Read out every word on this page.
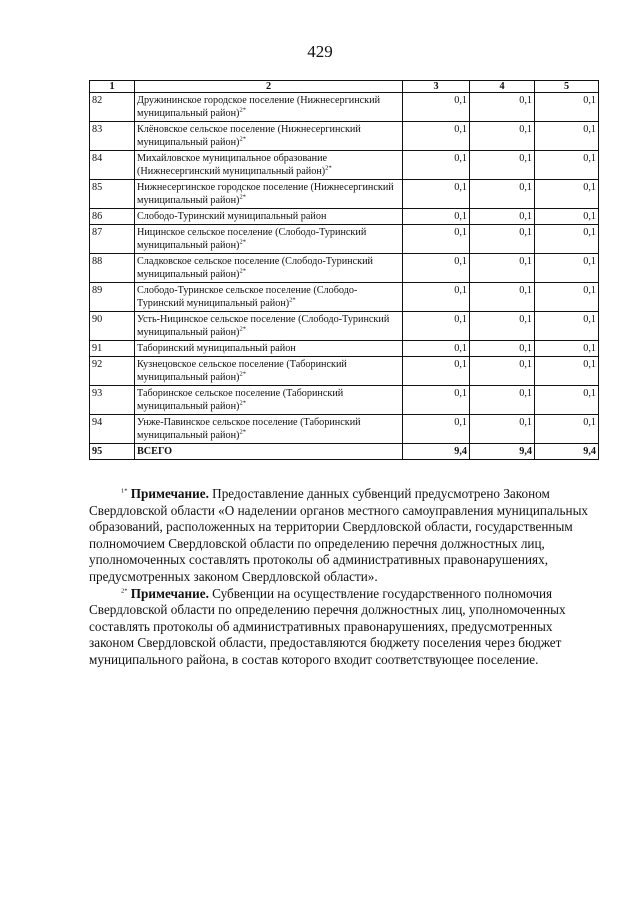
429
1	2	3	4	5
82	Дружининское городское поселение (Нижнесергинский муниципальный район)$^{2*}$	0,1	0,1	0,1
83	Клёновское сельское поселение (Нижнесергинский муниципальный район)$^{2*}$	0,1	0,1	0,1
84	Михайловское муниципальное образование (Нижнесергинский муниципальный район)$^{2*}$	0,1	0,1	0,1
85	Нижнесергинское городское поселение (Нижнесергинский муниципальный район)$^{2*}$	0,1	0,1	0,1
86	Слободо-Туринский муниципальный район	0,1	0,1	0,1
87	Ницинское сельское поселение (Слободо-Туринский муниципальный район)$^{2*}$	0,1	0,1	0,1
88	Сладковское сельское поселение (Слободо-Туринский муниципальный район)$^{2*}$	0,1	0,1	0,1
89	Слободо-Туринское сельское поселение (Слободо-Туринский муниципальный район)$^{2*}$	0,1	0,1	0,1
90	Усть-Ницинское сельское поселение (Слободо-Туринский муниципальный район)$^{2*}$	0,1	0,1	0,1
91	Таборинский муниципальный район	0,1	0,1	0,1
92	Кузнецовское сельское поселение (Таборинский муниципальный район)$^{2*}$	0,1	0,1	0,1
93	Таборинское сельское поселение (Таборинский муниципальный район)$^{2*}$	0,1	0,1	0,1
94	Унже-Павинское сельское поселение (Таборинский муниципальный район)$^{2*}$	0,1	0,1	0,1
95	ВСЕГО	9,4	9,4	9,4

$^{1*}$ Примечание. Предоставление данных субвенций предусмотрено Законом Свердловской области «О наделении органов местного самоуправления муниципальных образований, расположенных на территории Свердловской области, государственным полномочием Свердловской области по определению перечня должностных лиц, уполномоченных составлять протоколы об административных правонарушениях, предусмотренных законом Свердловской области».

$^{2*}$ Примечание. Субвенции на осуществление государственного полномочия Свердловской области по определению перечня должностных лиц, уполномоченных составлять протоколы об административных правонарушениях, предусмотренных законом Свердловской области, предоставляются бюджету поселения через бюджет муниципального района, в состав которого входит соответствующее поселение.
